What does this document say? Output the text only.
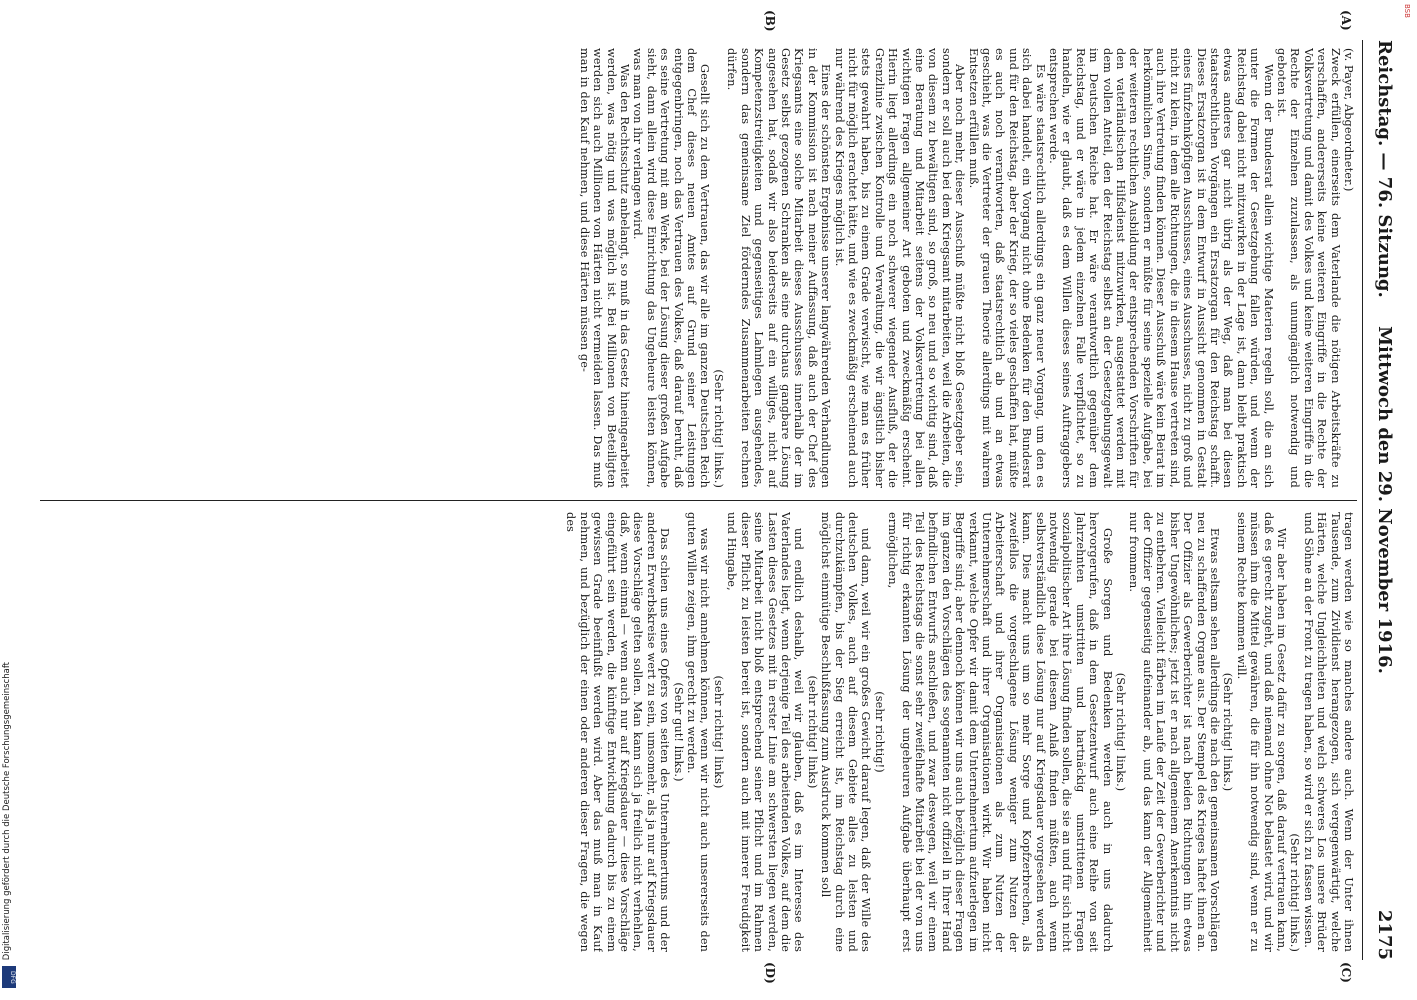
Reichstag. — 76. Sitzung.
Mittwoch den 29. November 1916.
2175
(A)
(B)
(C)
(D)

(v. Payer, Abgeordneter.)

Zweck erfüllen, einerseits dem Vaterlande die nötigen Arbeitskräfte zu verschaffen, andererseits keine weiteren Eingriffe in die Rechte der Volksvertretung und damit des Volkes und keine weiteren Eingriffe in die Rechte der Einzelnen zuzulassen, als unumgänglich notwendig und geboten ist.

Wenn der Bundesrat allein wichtige Materien regeln soll, die an sich unter die Formen der Gesetzgebung fallen würden, und wenn der Reichstag dabei nicht mitzuwirken in der Lage ist, dann bleibt praktisch etwas anderes gar nicht übrig als der Weg, daß man bei diesen staatsrechtlichen Vorgängen ein Ersatzorgan für den Reichstag schafft. Dieses Ersatzorgan ist in dem Entwurf in Aussicht genommen in Gestalt eines fünfzehnköpfigen Ausschusses, eines Ausschusses, nicht zu groß und nicht zu klein, in dem alle Richtungen, die in diesem Hause vertreten sind, auch ihre Vertretung finden können. Dieser Ausschuß wäre kein Beirat im herkömmlichen Sinne, sondern er müßte für seine spezielle Aufgabe, bei der weiteren rechtlichen Ausbildung der entsprechenden Vorschriften für den vaterländischen Hilfsdienst mitzuwirken, ausgestattet werden mit dem vollen Anteil, den der Reichstag selbst an der Gesetzgebungsgewalt im Deutschen Reiche hat. Er wäre verantwortlich gegenüber dem Reichstag, und er wäre in jedem einzelnen Falle verpflichtet, so zu handeln, wie er glaubt, daß es dem Willen dieses seines Auftraggebers entsprechen werde.

Es wäre staatsrechtlich allerdings ein ganz neuer Vorgang, um den es sich dabei handelt, ein Vorgang nicht ohne Bedenken für den Bundesrat und für den Reichstag, aber der Krieg, der so vieles geschaffen hat, müßte es auch noch verantworten, daß staatsrechtlich ab und an etwas geschieht, was die Vertreter der grauen Theorie allerdings mit wahrem Entsetzen erfüllen muß.

Aber noch mehr, dieser Ausschuß müßte nicht bloß Gesetzgeber sein, sondern er soll auch bei dem Kriegsamt mitarbeiten, weil die Arbeiten, die von diesem zu bewältigen sind, so groß, so neu und so wichtig sind, daß eine Beratung und Mitarbeit seitens der Volksvertretung bei allen wichtigen Fragen allgemeiner Art geboten und zweckmäßig erscheint. Hierin liegt allerdings ein noch schwerer wiegender Ausfluß, der die Grenzlinie zwischen Kontrolle und Verwaltung, die wir ängstlich bisher stets gewahrt haben, bis zu einem Grade verwischt, wie man es früher nicht für möglich erachtet hätte, und wie es zweckmäßig erscheinend auch nur während des Krieges möglich ist.

Eines der schönsten Ergebnisse unserer langwährenden Verhandlungen in der Kommission ist nach meiner Auffassung, daß auch der Chef des Kriegsamts eine solche Mitarbeit dieses Ausschusses innerhalb der im Gesetz selbst gezogenen Schranken als eine durchaus gangbare Lösung angesehen hat, sodaß wir also beiderseits auf ein williges, nicht auf Kompetenzstreitigkeiten und gegenseitiges Lahmlegen ausgehendes, sondern das gemeinsame Ziel förderndes Zusammenarbeiten rechnen dürfen.

(Sehr richtig! links.)

Gesellt sich zu dem Vertrauen, das wir alle im ganzen Deutschen Reich dem Chef dieses neuen Amtes auf Grund seiner Leistungen entgegenbringen, noch das Vertrauen des Volkes, daß darauf beruht, daß es seine Vertretung mit am Werke, bei der Lösung dieser großen Aufgabe sieht, dann allein wird diese Einrichtung das Ungeheure leisten können, was man von ihr verlangen wird.

Was den Rechtsschutz anbelangt, so muß in das Gesetz hineingearbeitet werden, was nötig und was möglich ist. Bei Millionen von Beteiligten werden sich auch Millionen von Härten nicht vermeiden lassen. Das muß man in den Kauf nehmen, und diese Härten müssen ge-

tragen werden wie so manches andere auch. Wenn der Unter ihnen Tausende, zum Zivildienst herangezogen, sich vergegenwärtigt, welche Härten, welche Ungleichheiten und welch schweres Los unsere Brüder und Söhne an der Front zu tragen haben, so wird er sich zu fassen wissen.

(Sehr richtig! links.)

Wir aber haben im Gesetz dafür zu sorgen, daß darauf vertrauen kann, daß es gerecht zugeht, und daß niemand ohne Not belastet wird, und wir müssen ihm die Mittel gewähren, die für ihn notwendig sind, wenn er zu seinem Rechte kommen will.

(Sehr richtig! links.)

Etwas seltsam sehen allerdings die nach den gemeinsamen Vorschlägen neu zu schaffenden Organe aus. Der Stempel des Krieges haftet ihnen an. Der Offizier als Gewerberichter ist nach beiden Richtungen hin etwas bisher Ungewöhnliches; jetzt ist er nach allgemeinem Anerkenntnis nicht zu entbehren. Vielleicht färben im Laufe der Zeit der Gewerberichter und der Offizier gegenseitig aufeinander ab, und das kann der Allgemeinheit nur frommen.

(Sehr richtig! links.)

Große Sorgen und Bedenken werden auch in uns dadurch hervorgerufen, daß in dem Gesetzentwurf auch eine Reihe von seit Jahrzehnten umstritten und hartnäckig umstrittenen Fragen sozialpolitischer Art ihre Lösung finden sollen, die sie an und für sich nicht notwendig gerade bei diesem Anlaß finden müßten, auch wenn selbstverständlich diese Lösung nur auf Kriegsdauer vorgesehen werden kann. Dies macht uns um so mehr Sorge und Kopfzerbrechen, als zweifellos die vorgeschlagene Lösung weniger zum Nutzen der Arbeiterschaft und ihrer Organisationen als zum Nutzen der Unternehmerschaft und ihrer Organisationen wirkt. Wir haben nicht verkannt, welche Opfer wir damit dem Unternehmertum aufzuerlegen im Begriffe sind; aber dennoch können wir uns auch bezüglich dieser Fragen im ganzen den Vorschlägen des sogenannten nicht offiziell in Ihrer Hand befindlichen Entwurfs anschließen, und zwar deswegen, weil wir einem Teil des Reichstags die sonst sehr zweifelhafte Mitarbeit bei der von uns für richtig erkannten Lösung der ungeheuren Aufgabe überhaupt erst ermöglichen,

(sehr richtig!)

und dann, weil wir ein großes Gewicht darauf legen, daß der Wille des deutschen Volkes, auch auf diesem Gebiete alles zu leisten und durchzukämpfen, bis der Sieg erreicht ist, im Reichstag durch eine möglichst einmütige Beschlußfassung zum Ausdruck kommen soll

(sehr richtig! links)

und endlich deshalb, weil wir glauben, daß es im Interesse des Vaterlandes liegt, wenn derjenige Teil des arbeitenden Volkes, auf dem die Lasten dieses Gesetzes mit in erster Linie am schwersten liegen werden, seine Mitarbeit nicht bloß entsprechend seiner Pflicht und im Rahmen dieser Pflicht zu leisten bereit ist, sondern auch mit innerer Freudigkeit und Hingabe,

(sehr richtig! links)

was wir nicht annehmen können, wenn wir nicht auch unsererseits den guten Willen zeigen, ihm gerecht zu werden.

(Sehr gut! links.)

Das schien uns eines Opfers von seiten des Unternehmertums und der anderen Erwerbskreise wert zu sein, umsomehr, als ja nur auf Kriegsdauer diese Vorschläge gelten sollen. Man kann sich ja freilich nicht verhehlen, daß, wenn einmal — wenn auch nur auf Kriegsdauer — diese Vorschläge eingeführt sein werden, die künftige Entwicklung dadurch bis zu einem gewissen Grade beeinflußt werden wird. Aber das muß man in Kauf nehmen, und bezüglich der einen oder anderen dieser Fragen, die wegen des

BSB
Digitalisierung gefördert durch die Deutsche Forschungsgemeinschaft
DFG
